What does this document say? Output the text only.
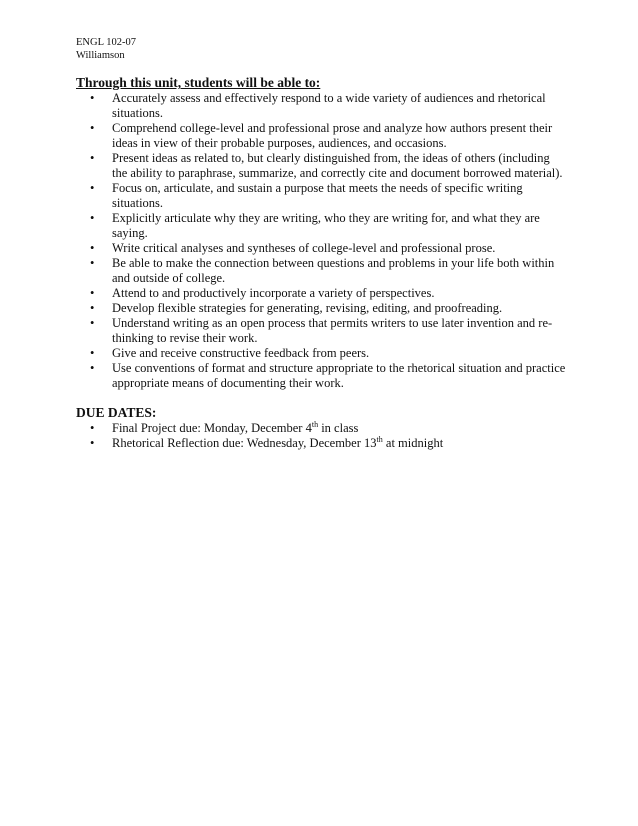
ENGL 102-07

Williamson

Through this unit, students will be able to:

• Accurately assess and effectively respond to a wide variety of audiences and rhetorical situations.
• Comprehend college-level and professional prose and analyze how authors present their ideas in view of their probable purposes, audiences, and occasions.
• Present ideas as related to, but clearly distinguished from, the ideas of others (including the ability to paraphrase, summarize, and correctly cite and document borrowed material).
• Focus on, articulate, and sustain a purpose that meets the needs of specific writing situations.
• Explicitly articulate why they are writing, who they are writing for, and what they are saying.
• Write critical analyses and syntheses of college-level and professional prose.
• Be able to make the connection between questions and problems in your life both within and outside of college.
• Attend to and productively incorporate a variety of perspectives.
• Develop flexible strategies for generating, revising, editing, and proofreading.
• Understand writing as an open process that permits writers to use later invention and re-thinking to revise their work.
• Give and receive constructive feedback from peers.
• Use conventions of format and structure appropriate to the rhetorical situation and practice appropriate means of documenting their work.

DUE DATES:

• Final Project due: Monday, December 4th in class
• Rhetorical Reflection due: Wednesday, December 13th at midnight
